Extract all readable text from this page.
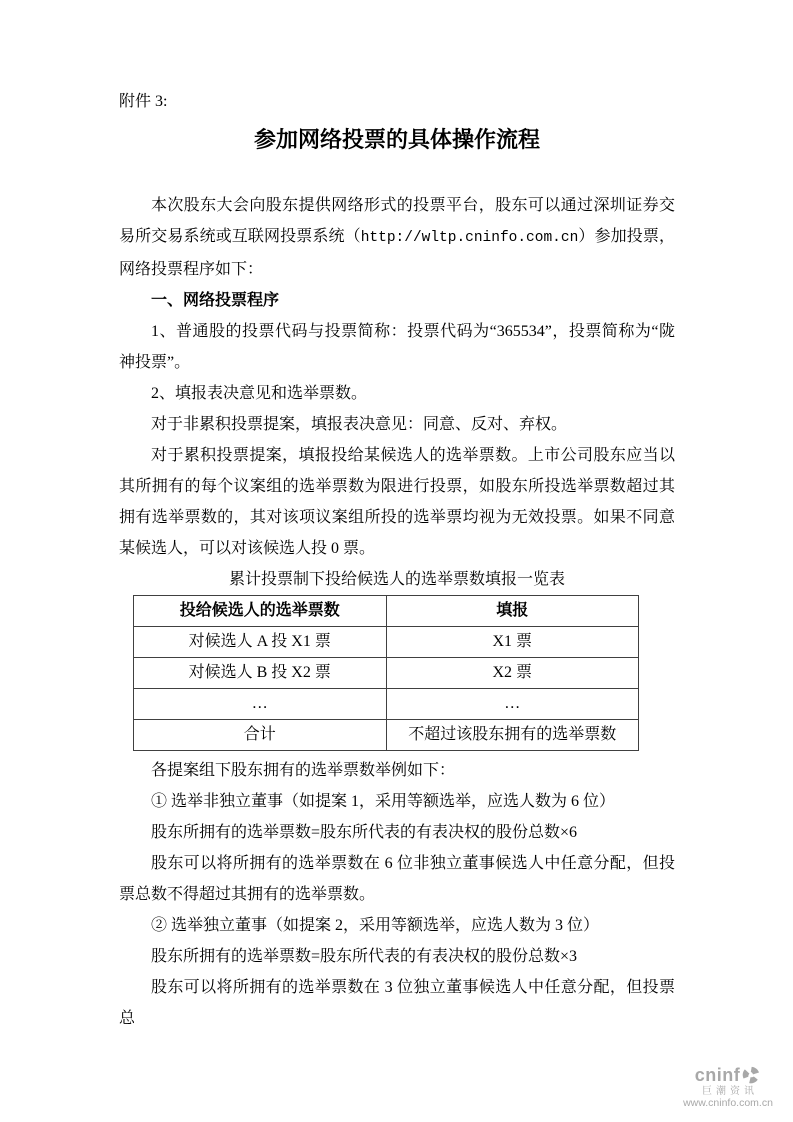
附件 3:
参加网络投票的具体操作流程

本次股东大会向股东提供网络形式的投票平台，股东可以通过深圳证券交易所交易系统或互联网投票系统（http://wltp.cninfo.com.cn）参加投票，网络投票程序如下：

一、网络投票程序

1、普通股的投票代码与投票简称：投票代码为“365534”，投票简称为“陇神投票”。

2、填报表决意见和选举票数。

对于非累积投票提案，填报表决意见：同意、反对、弃权。

对于累积投票提案，填报投给某候选人的选举票数。上市公司股东应当以其所拥有的每个议案组的选举票数为限进行投票，如股东所投选举票数超过其拥有选举票数的，其对该项议案组所投的选举票均视为无效投票。如果不同意某候选人，可以对该候选人投 0 票。

累计投票制下投给候选人的选举票数填报一览表

投给候选人的选举票数	填报
对候选人 A 投 X1 票	X1 票
对候选人 B 投 X2 票	X2 票
…	…
合计	不超过该股东拥有的选举票数

各提案组下股东拥有的选举票数举例如下：

① 选举非独立董事（如提案 1，采用等额选举，应选人数为 6 位）

股东所拥有的选举票数=股东所代表的有表决权的股份总数×6

股东可以将所拥有的选举票数在 6 位非独立董事候选人中任意分配，但投票总数不得超过其拥有的选举票数。

② 选举独立董事（如提案 2，采用等额选举，应选人数为 3 位）

股东所拥有的选举票数=股东所代表的有表决权的股份总数×3

股东可以将所拥有的选举票数在 3 位独立董事候选人中任意分配，但投票总

cninf
巨潮资讯
www.cninfo.com.cn
